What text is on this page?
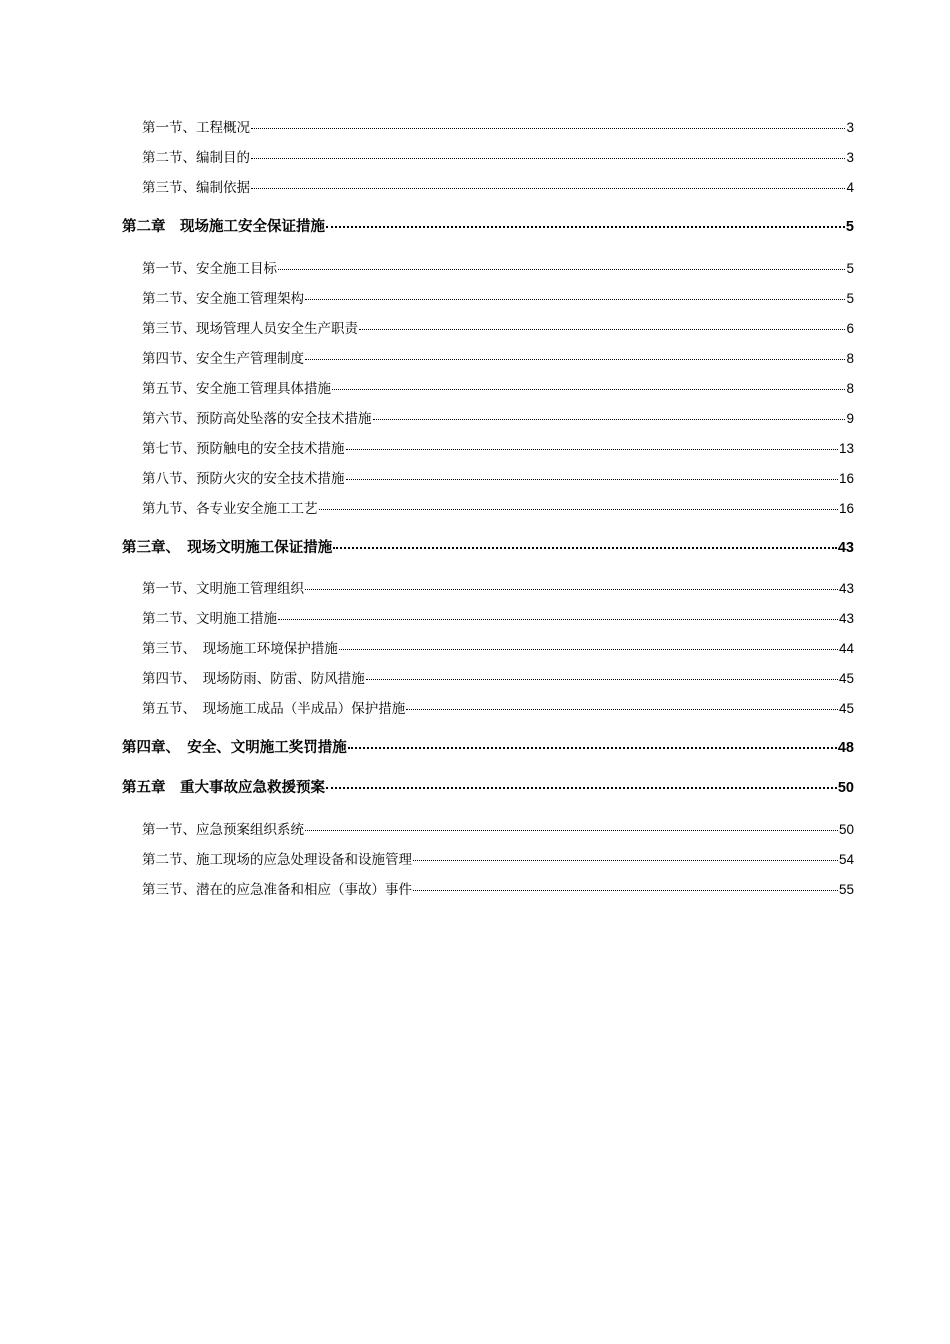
第一节、工程概况	3
第二节、编制目的	3
第三节、编制依据	4
第二章　现场施工安全保证措施	5
第一节、安全施工目标	5
第二节、安全施工管理架构	5
第三节、现场管理人员安全生产职责	6
第四节、安全生产管理制度	8
第五节、安全施工管理具体措施	8
第六节、预防高处坠落的安全技术措施	9
第七节、预防触电的安全技术措施	13
第八节、预防火灾的安全技术措施	16
第九节、各专业安全施工工艺	16
第三章、　现场文明施工保证措施	43
第一节、文明施工管理组织	43
第二节、文明施工措施	43
第三节、　现场施工环境保护措施	44
第四节、　现场防雨、防雷、防风措施	45
第五节、　现场施工成品（半成品）保护措施	45
第四章、　安全、文明施工奖罚措施	48
第五章　重大事故应急救援预案	50
第一节、应急预案组织系统	50
第二节、施工现场的应急处理设备和设施管理	54
第三节、潜在的应急准备和相应（事故）事件	55
